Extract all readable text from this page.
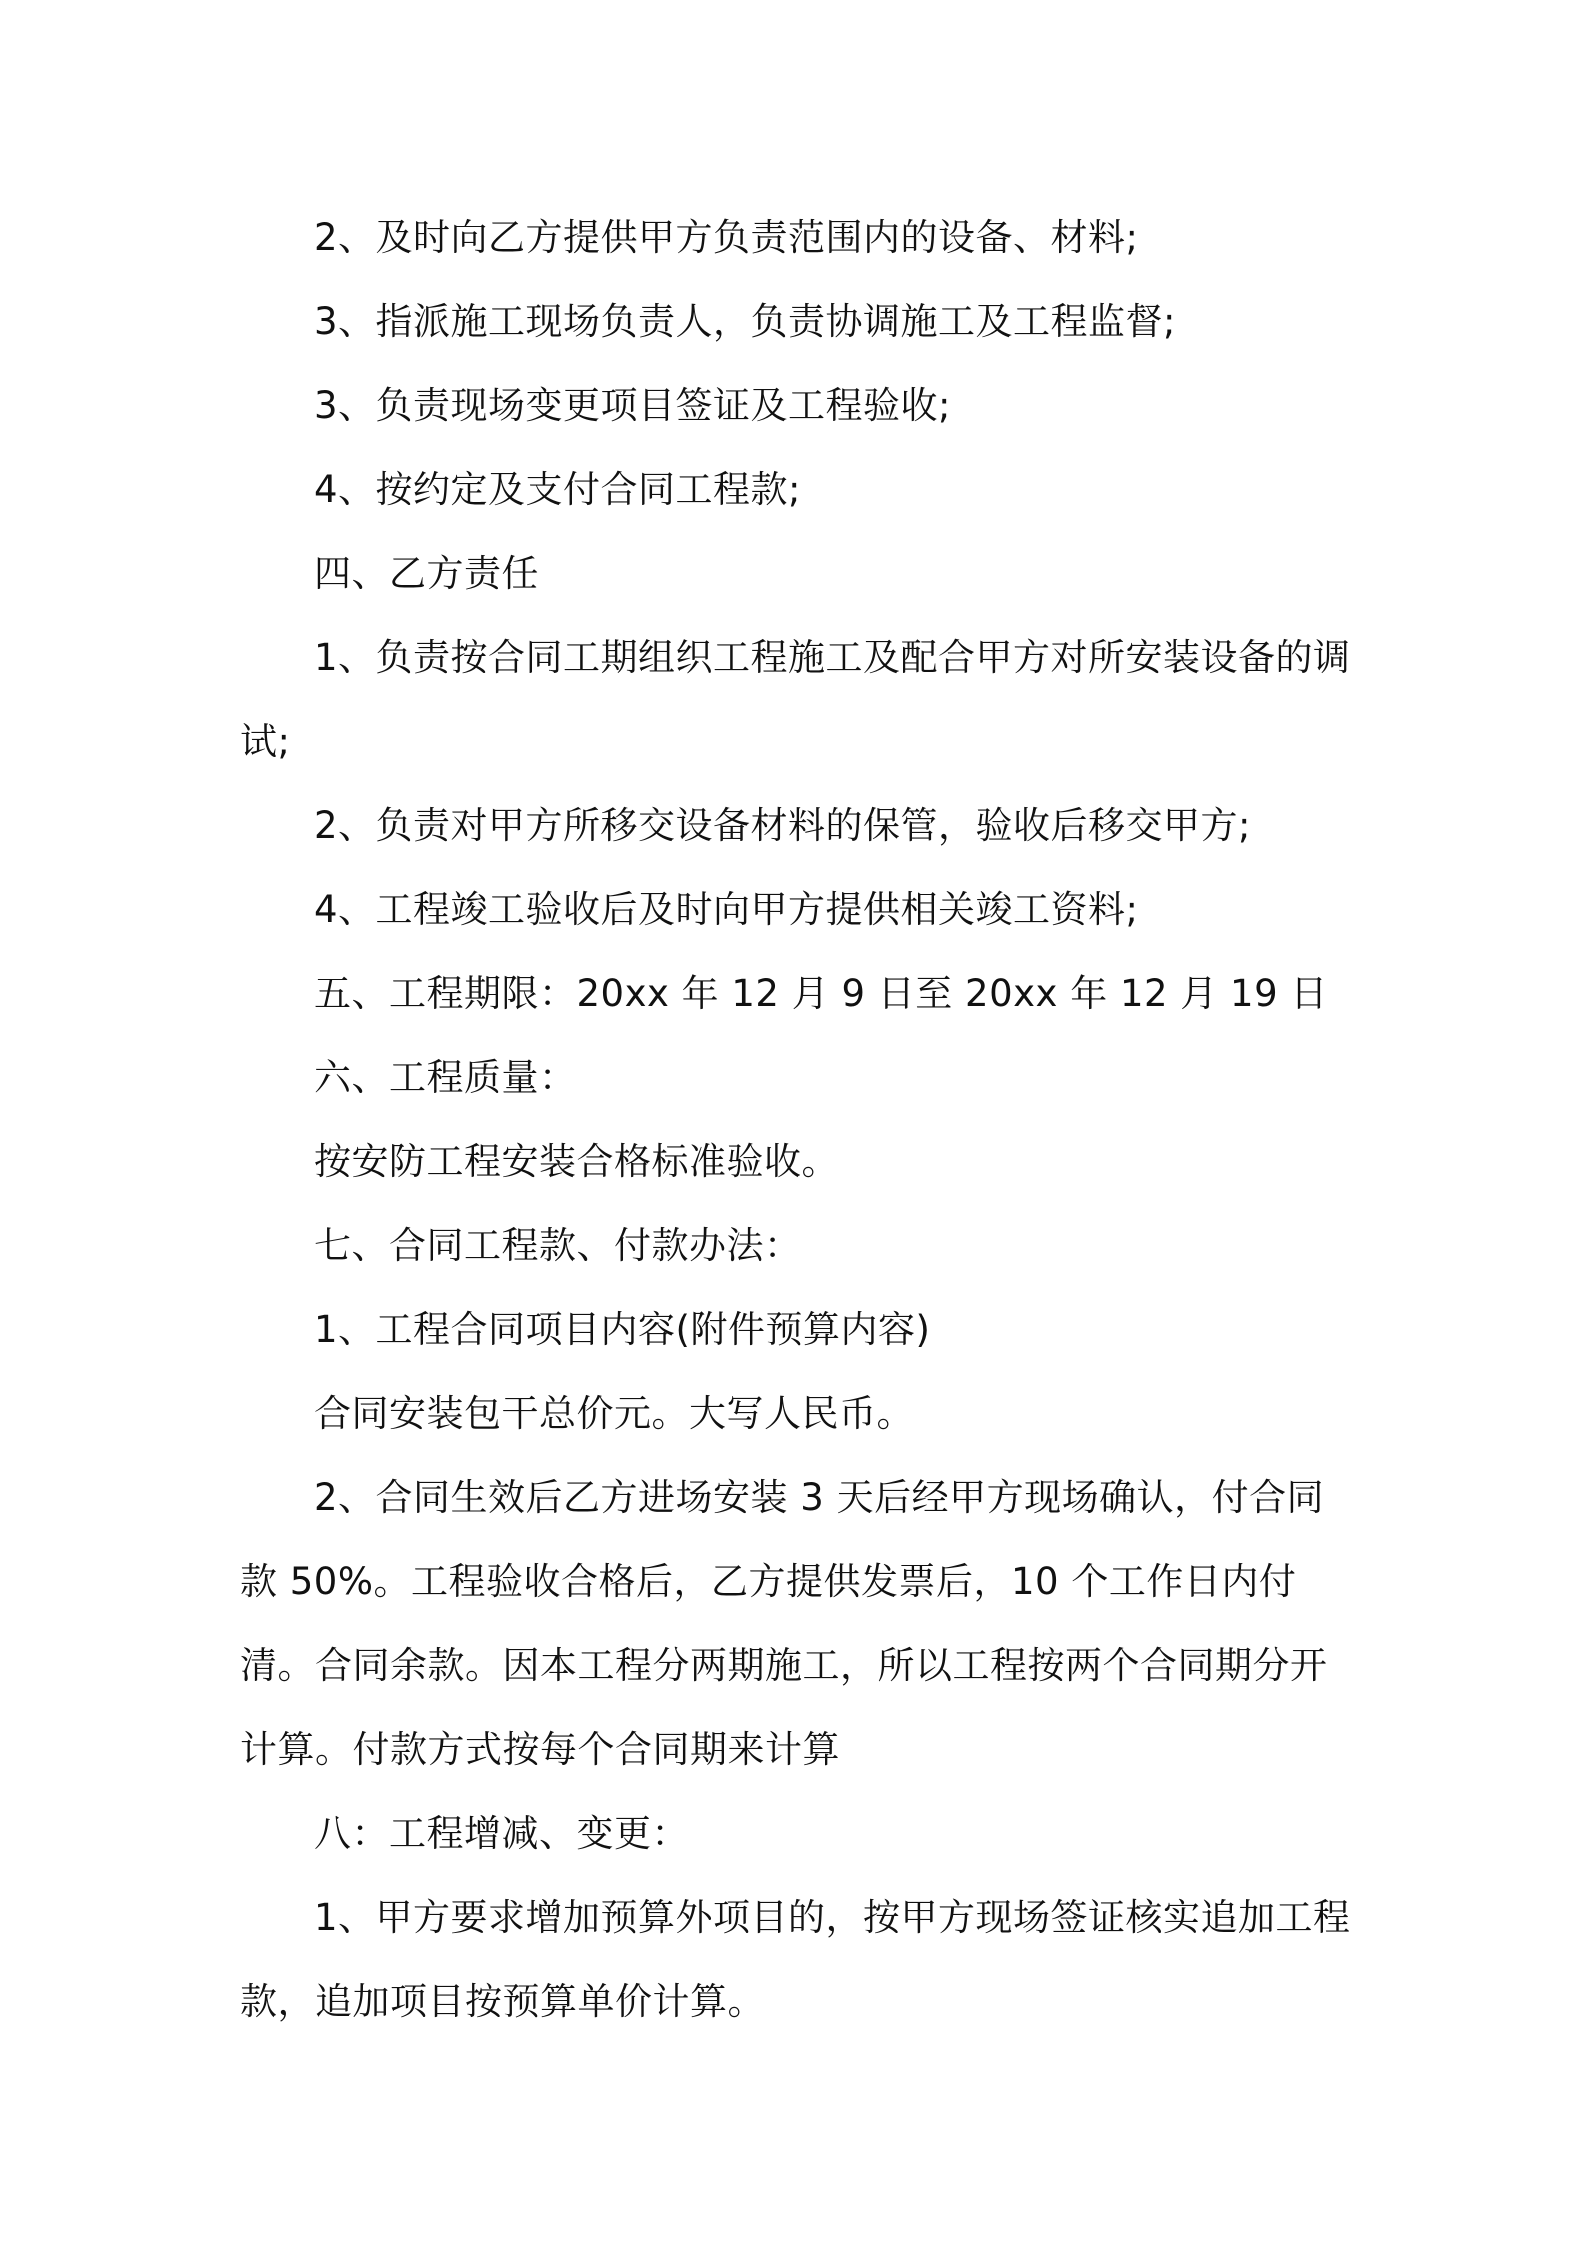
2、及时向乙方提供甲方负责范围内的设备、材料;

3、指派施工现场负责人，负责协调施工及工程监督;

3、负责现场变更项目签证及工程验收;

4、按约定及支付合同工程款;

四、乙方责任

1、负责按合同工期组织工程施工及配合甲方对所安装设备的调试;

2、负责对甲方所移交设备材料的保管，验收后移交甲方;

4、工程竣工验收后及时向甲方提供相关竣工资料;

五、工程期限：20xx 年 12 月 9 日至 20xx 年 12 月 19 日

六、工程质量：

按安防工程安装合格标准验收。

七、合同工程款、付款办法：

1、工程合同项目内容(附件预算内容)

合同安装包干总价元。大写人民币。

2、合同生效后乙方进场安装 3 天后经甲方现场确认，付合同款 50%。工程验收合格后，乙方提供发票后，10 个工作日内付清。合同余款。因本工程分两期施工，所以工程按两个合同期分开计算。付款方式按每个合同期来计算

八：工程增减、变更：

1、甲方要求增加预算外项目的，按甲方现场签证核实追加工程款，追加项目按预算单价计算。
